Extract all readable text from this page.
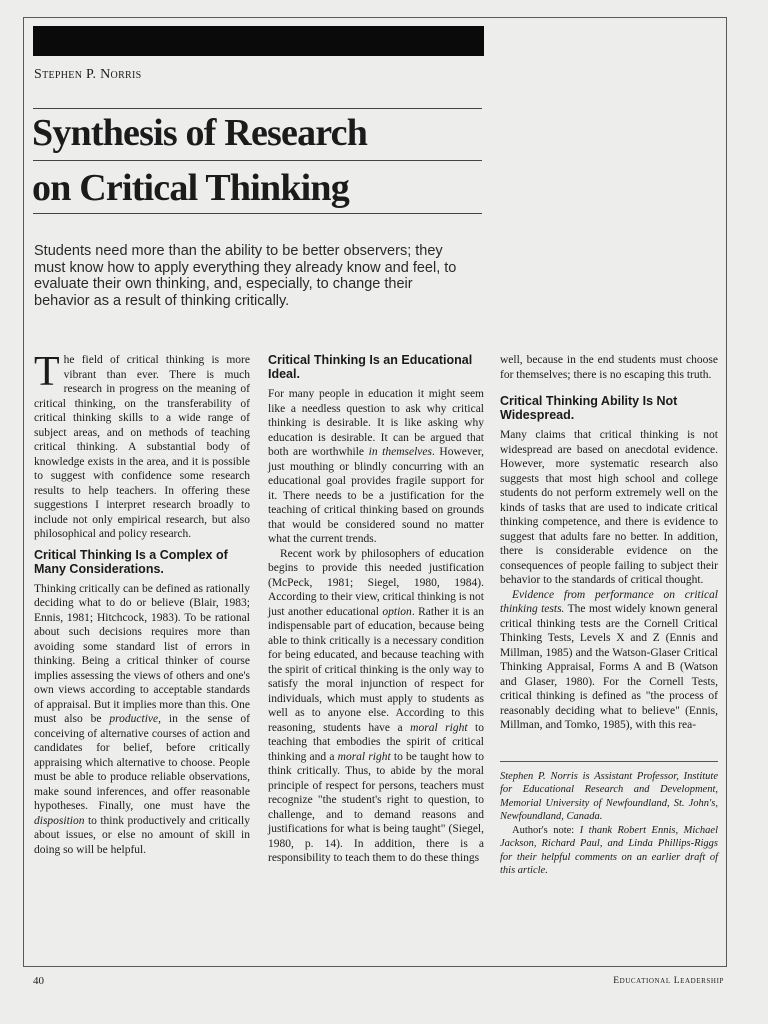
Stephen P. Norris
Synthesis of Research
on Critical Thinking

Students need more than the ability to be better observers; they must know how to apply everything they already know and feel, to evaluate their own thinking, and, especially, to change their behavior as a result of thinking critically.

The field of critical thinking is more vibrant than ever. There is much research in progress on the meaning of critical thinking, on the transferability of critical thinking skills to a wide range of subject areas, and on methods of teaching critical thinking. A substantial body of knowledge exists in the area, and it is possible to suggest with confidence some research results to help teachers. In offering these suggestions I interpret research broadly to include not only empirical research, but also philosophical and policy research.

Critical Thinking Is a Complex of Many Considerations.

Thinking critically can be defined as rationally deciding what to do or believe (Blair, 1983; Ennis, 1981; Hitchcock, 1983). To be rational about such decisions requires more than avoiding some standard list of errors in thinking. Being a critical thinker of course implies assessing the views of others and one's own views according to acceptable standards of appraisal. But it implies more than this. One must also be productive, in the sense of conceiving of alternative courses of action and candidates for belief, before critically appraising which alternative to choose. People must be able to produce reliable observations, make sound inferences, and offer reasonable hypotheses. Finally, one must have the disposition to think productively and critically about issues, or else no amount of skill in doing so will be helpful.

Critical Thinking Is an Educational Ideal.

For many people in education it might seem like a needless question to ask why critical thinking is desirable. It is like asking why education is desirable. It can be argued that both are worthwhile in themselves. However, just mouthing or blindly concurring with an educational goal provides fragile support for it. There needs to be a justification for the teaching of critical thinking based on grounds that would be considered sound no matter what the current trends.

Recent work by philosophers of education begins to provide this needed justification (McPeck, 1981; Siegel, 1980, 1984). According to their view, critical thinking is not just another educational option. Rather it is an indispensable part of education, because being able to think critically is a necessary condition for being educated, and because teaching with the spirit of critical thinking is the only way to satisfy the moral injunction of respect for individuals, which must apply to students as well as to anyone else. According to this reasoning, students have a moral right to teaching that embodies the spirit of critical thinking and a moral right to be taught how to think critically. Thus, to abide by the moral principle of respect for persons, teachers must recognize "the student's right to question, to challenge, and to demand reasons and justifications for what is being taught" (Siegel, 1980, p. 14). In addition, there is a responsibility to teach them to do these things

well, because in the end students must choose for themselves; there is no escaping this truth.

Critical Thinking Ability Is Not Widespread.

Many claims that critical thinking is not widespread are based on anecdotal evidence. However, more systematic research also suggests that most high school and college students do not perform extremely well on the kinds of tasks that are used to indicate critical thinking competence, and there is evidence to suggest that adults fare no better. In addition, there is considerable evidence on the consequences of people failing to subject their behavior to the standards of critical thought.

Evidence from performance on critical thinking tests. The most widely known general critical thinking tests are the Cornell Critical Thinking Tests, Levels X and Z (Ennis and Millman, 1985) and the Watson-Glaser Critical Thinking Appraisal, Forms A and B (Watson and Glaser, 1980). For the Cornell Tests, critical thinking is defined as "the process of reasonably deciding what to believe" (Ennis, Millman, and Tomko, 1985), with this rea-

Stephen P. Norris is Assistant Professor, Institute for Educational Research and Development, Memorial University of Newfoundland, St. John's, Newfoundland, Canada.

Author's note: I thank Robert Ennis, Michael Jackson, Richard Paul, and Linda Phillips-Riggs for their helpful comments on an earlier draft of this article.

40	Educational Leadership
